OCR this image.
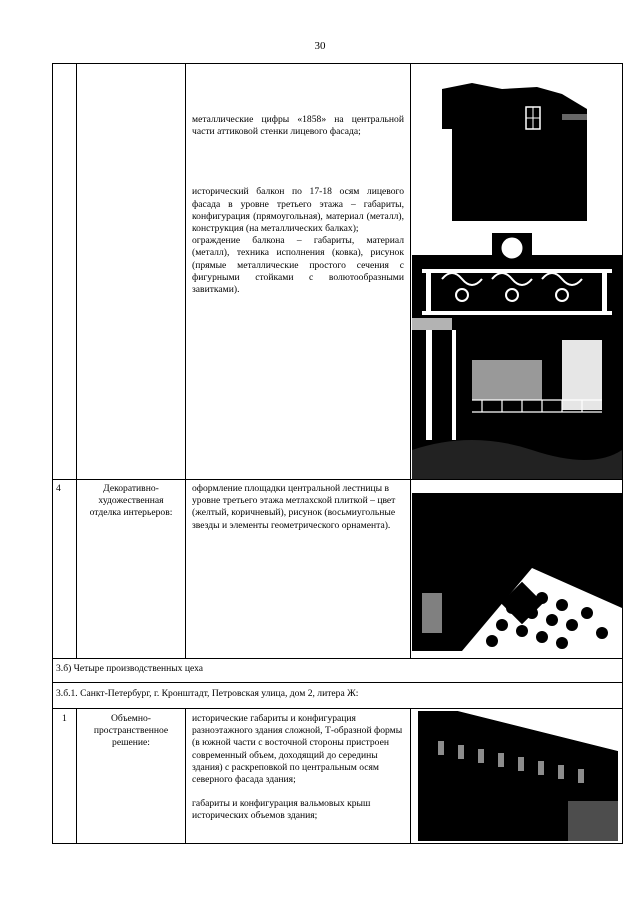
30

металлические цифры «1858» на центральной части аттиковой стенки лицевого фасада;

исторический балкон по 17-18 осям лицевого фасада в уровне третьего этажа – габариты, конфигурация (прямоугольная), материал (металл), конструкция (на металлических балках);

ограждение балкона – габариты, материал (металл), техника исполнения (ковка), рисунок (прямые металлические простого сечения с фигурными стойками с волютообразными завитками).

4	Декоративно-художественная отделка интерьеров:
оформление площадки центральной лестницы в уровне третьего этажа метлахской плиткой – цвет (желтый, коричневый), рисунок (восьмиугольные звезды и элементы геометрического орнамента).
3.б) Четыре производственных цеха
3.б.1. Санкт-Петербург, г. Кронштадт, Петровская улица, дом 2, литера Ж:
1	Объемно-пространственное решение:

исторические габариты и конфигурация разноэтажного здания сложной, Т-образной формы (в южной части с восточной стороны пристроен современный объем, доходящий до середины здания) с раскреповкой по центральным осям северного фасада здания;

габариты и конфигурация вальмовых крыш исторических объемов здания;
